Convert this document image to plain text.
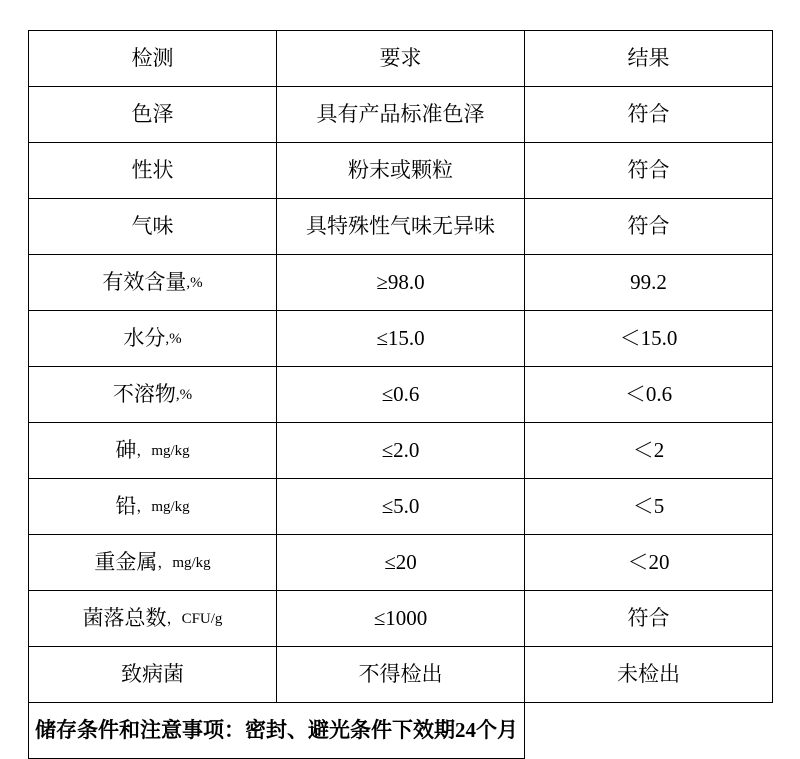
检测	要求	结果

色泽	具有产品标准色泽	符合

性状	粉末或颗粒	符合

气味	具特殊性气味无异味	符合

有效含量 ,%	≥98.0	99.2

水分 ,%	≤15.0	＜15.0

不溶物 ,%	≤0.6	＜0.6

砷 ，mg/kg	≤2.0	＜2

铅 ，mg/kg	≤5.0	＜5

重金属 ，mg/kg	≤20	＜20

菌落总数 ，CFU/g	≤1000	符合

致病菌	不得检出	未检出

储存条件和注意事项：密封、避光条件下效期24个月		
